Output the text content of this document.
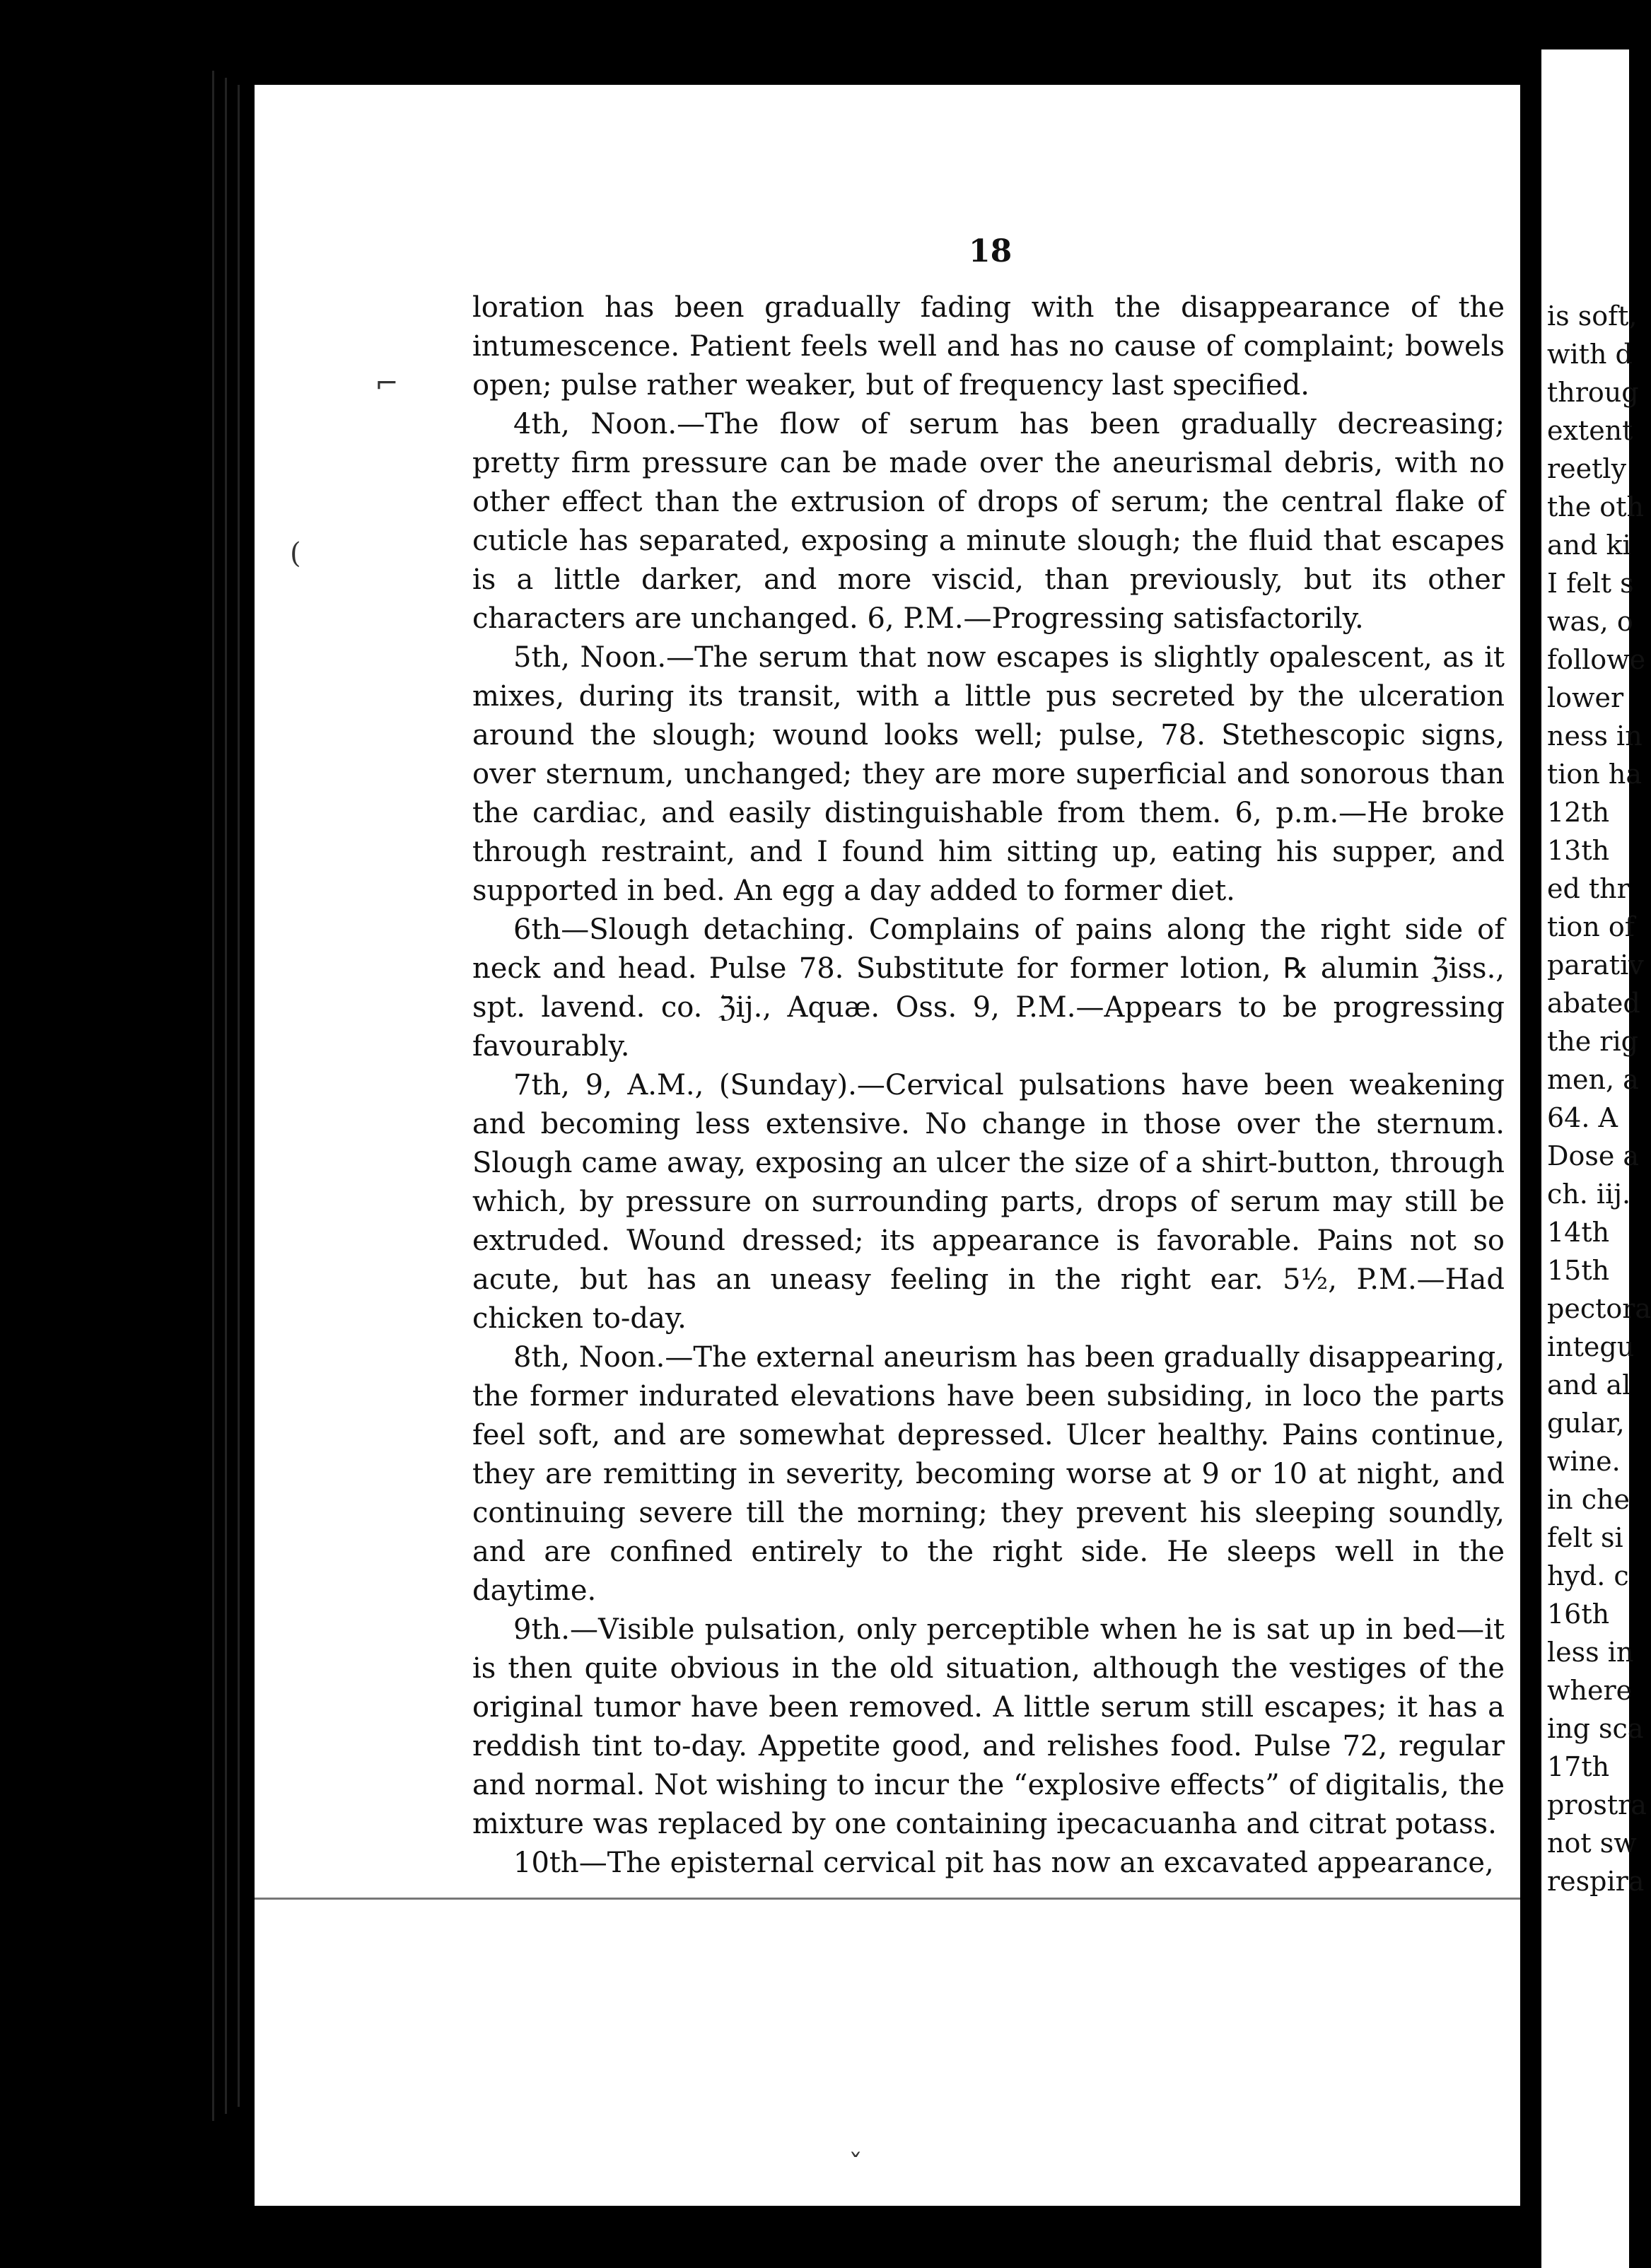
18

loration has been gradually fading with the disappearance of the intumescence. Patient feels well and has no cause of complaint; bowels open; pulse rather weaker, but of frequency last specified.

4th, Noon.—The flow of serum has been gradually decreasing; pretty firm pressure can be made over the aneurismal debris, with no other effect than the extrusion of drops of serum; the central flake of cuticle has separated, exposing a minute slough; the fluid that escapes is a little darker, and more viscid, than previously, but its other characters are unchanged. 6, P.M.—Progressing satisfactorily.

5th, Noon.—The serum that now escapes is slightly opalescent, as it mixes, during its transit, with a little pus secreted by the ulceration around the slough; wound looks well; pulse, 78. Stethescopic signs, over sternum, unchanged; they are more superficial and sonorous than the cardiac, and easily distinguishable from them. 6, p.m.—He broke through restraint, and I found him sitting up, eating his supper, and supported in bed. An egg a day added to former diet.

6th—Slough detaching. Complains of pains along the right side of neck and head. Pulse 78. Substitute for former lotion, ℞ alumin ℨiss., spt. lavend. co. ℨij., Aquæ. Oss. 9, P.M.—Appears to be progressing favourably.

7th, 9, A.M., (Sunday).—Cervical pulsations have been weakening and becoming less extensive. No change in those over the sternum. Slough came away, exposing an ulcer the size of a shirt-button, through which, by pressure on surrounding parts, drops of serum may still be extruded. Wound dressed; its appearance is favorable. Pains not so acute, but has an uneasy feeling in the right ear. 5½, P.M.—Had chicken to-day.

8th, Noon.—The external aneurism has been gradually disappearing, the former indurated elevations have been subsiding, in loco the parts feel soft, and are somewhat depressed. Ulcer healthy. Pains continue, they are remitting in severity, becoming worse at 9 or 10 at night, and continuing severe till the morning; they prevent his sleeping soundly, and are confined entirely to the right side. He sleeps well in the daytime.

9th.—Visible pulsation, only perceptible when he is sat up in bed—it is then quite obvious in the old situation, although the vestiges of the original tumor have been removed. A little serum still escapes; it has a reddish tint to-day. Appetite good, and relishes food. Pulse 72, regular and normal. Not wishing to incur the “explosive effects” of digitalis, the mixture was replaced by one containing ipecacuanha and citrat potass.

10th—The episternal cervical pit has now an excavated appearance,

⌐
(
ˇ
is soft,
with d
throug
extent
reetly
the oth
and ki
I felt s
was, o
followe
lower
ness in
tion ha
12th
13th
ed thr
tion of
parativ
abated
the rig
men, a
64. A
Dose a
ch. iij.
14th
15th
pectora
integu
and al
gular,
wine.
in che
felt si
hyd. c
16th
less in
where
ing sca
17th
prostra
not sw
respira
